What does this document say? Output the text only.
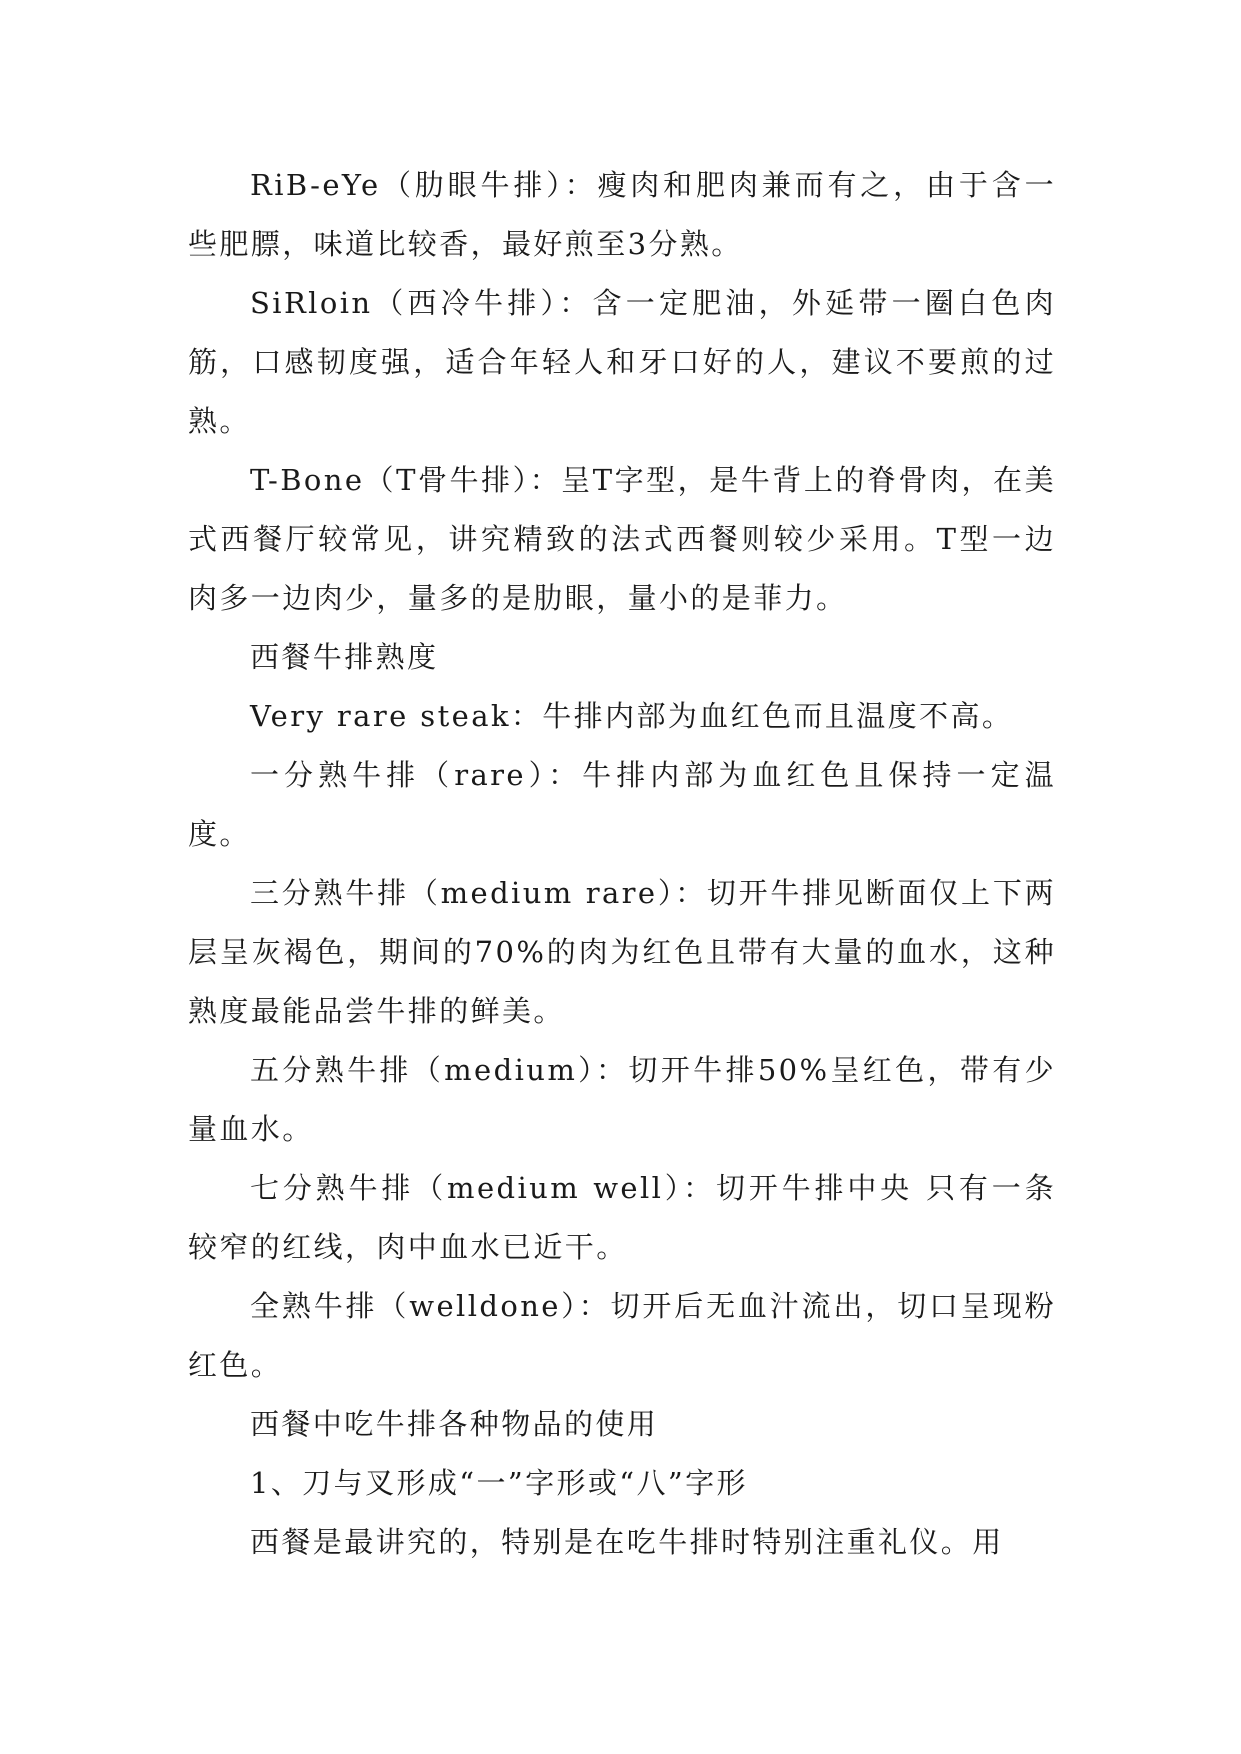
RiB-eYe（肋眼牛排）：瘦肉和肥肉兼而有之，由于含一些肥膘，味道比较香，最好煎至3分熟。

SiRloin（西冷牛排）：含一定肥油，外延带一圈白色肉筋，口感韧度强，适合年轻人和牙口好的人，建议不要煎的过熟。

T-Bone（T骨牛排）：呈T字型，是牛背上的脊骨肉，在美式西餐厅较常见，讲究精致的法式西餐则较少采用。T型一边肉多一边肉少，量多的是肋眼，量小的是菲力。

西餐牛排熟度

Very rare steak：牛排内部为血红色而且温度不高。

一分熟牛排（rare）：牛排内部为血红色且保持一定温度。

三分熟牛排（medium rare）：切开牛排见断面仅上下两层呈灰褐色，期间的70%的肉为红色且带有大量的血水，这种熟度最能品尝牛排的鲜美。

五分熟牛排（medium）：切开牛排50%呈红色，带有少量血水。

七分熟牛排（medium well）：切开牛排中央 只有一条较窄的红线，肉中血水已近干。

全熟牛排（welldone）：切开后无血汁流出，切口呈现粉红色。

西餐中吃牛排各种物品的使用

1、刀与叉形成“一”字形或“八”字形

西餐是最讲究的，特别是在吃牛排时特别注重礼仪。用
